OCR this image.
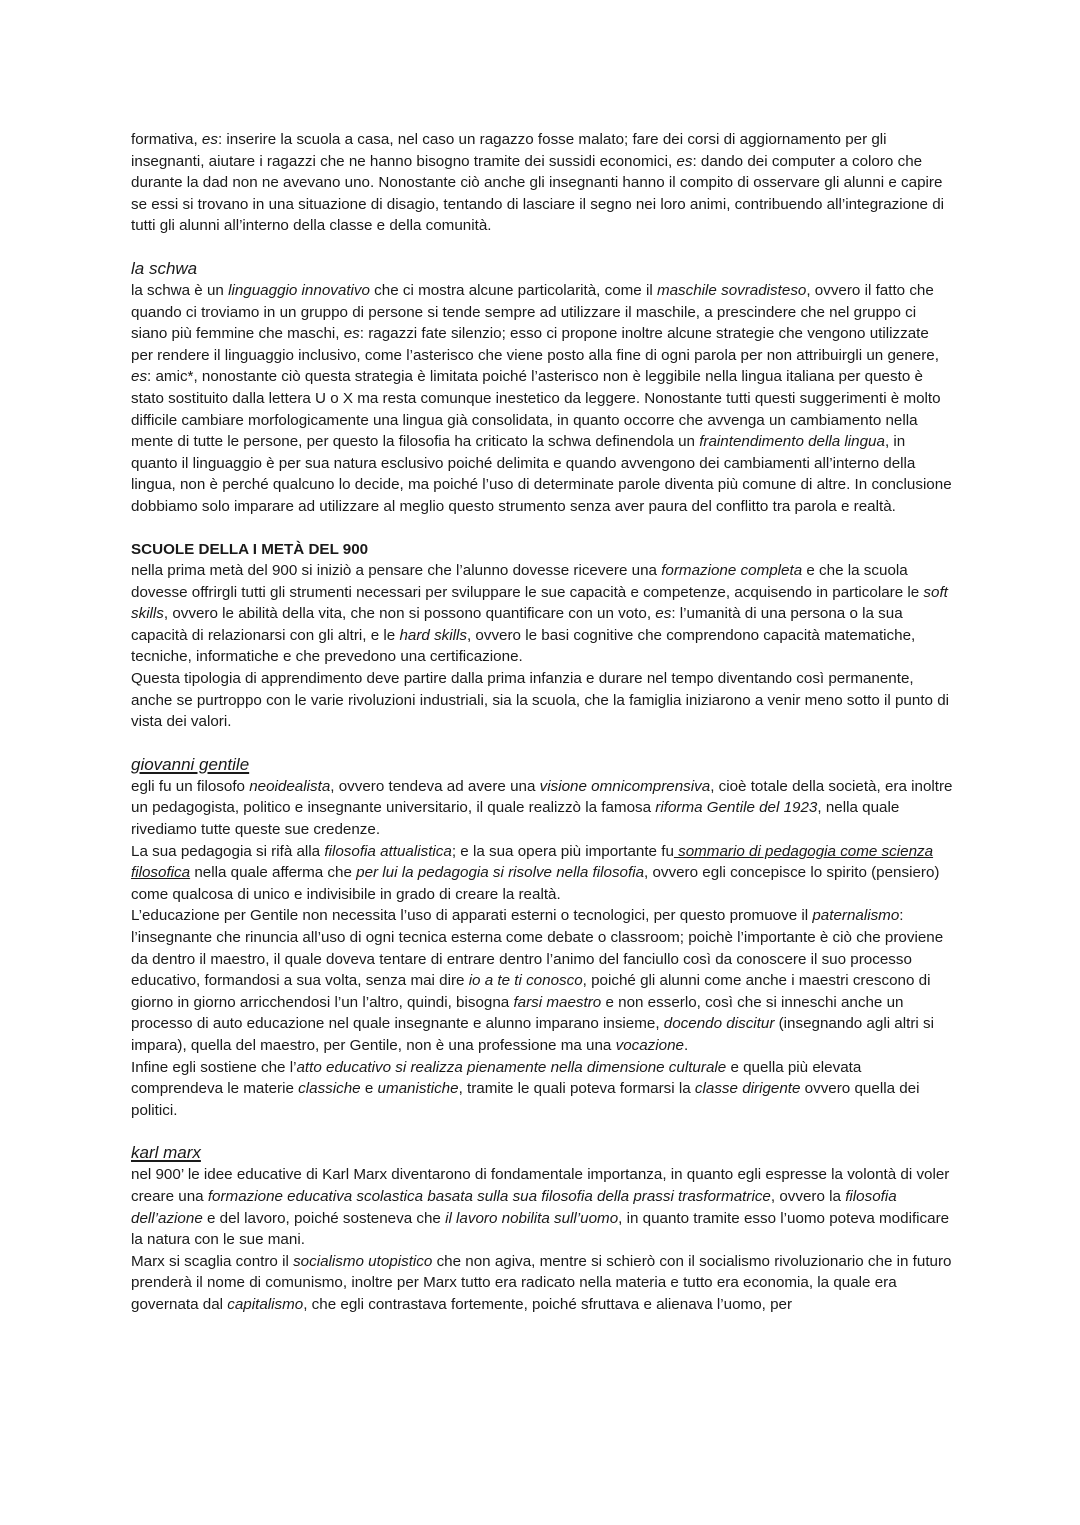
formativa, es: inserire la scuola a casa, nel caso un ragazzo fosse malato; fare dei corsi di aggiornamento per gli insegnanti, aiutare i ragazzi che ne hanno bisogno tramite dei sussidi economici, es: dando dei computer a coloro che durante la dad non ne avevano uno. Nonostante ciò anche gli insegnanti hanno il compito di osservare gli alunni e capire se essi si trovano in una situazione di disagio, tentando di lasciare il segno nei loro animi, contribuendo all’integrazione di tutti gli alunni all’interno della classe e della comunità.

la schwa

la schwa è un linguaggio innovativo che ci mostra alcune particolarità, come il maschile sovradisteso, ovvero il fatto che quando ci troviamo in un gruppo di persone si tende sempre ad utilizzare il maschile, a prescindere che nel gruppo ci siano più femmine che maschi, es: ragazzi fate silenzio; esso ci propone inoltre alcune strategie che vengono utilizzate per rendere il linguaggio inclusivo, come l’asterisco che viene posto alla fine di ogni parola per non attribuirgli un genere, es: amic*, nonostante ciò questa strategia è limitata poiché l’asterisco non è leggibile nella lingua italiana per questo è stato sostituito dalla lettera U o X ma resta comunque inestetico da leggere. Nonostante tutti questi suggerimenti è molto difficile cambiare morfologicamente una lingua già consolidata, in quanto occorre che avvenga un cambiamento nella mente di tutte le persone, per questo la filosofia ha criticato la schwa definendola un fraintendimento della lingua, in quanto il linguaggio è per sua natura esclusivo poiché delimita e quando avvengono dei cambiamenti all’interno della lingua, non è perché qualcuno lo decide, ma poiché l’uso di determinate parole diventa più comune di altre. In conclusione dobbiamo solo imparare ad utilizzare al meglio questo strumento senza aver paura del conflitto tra parola e realtà.

SCUOLE DELLA I METÀ DEL 900

nella prima metà del 900 si iniziò a pensare che l’alunno dovesse ricevere una formazione completa e che la scuola dovesse offrirgli tutti gli strumenti necessari per sviluppare le sue capacità e competenze, acquisendo in particolare le soft skills, ovvero le abilità della vita, che non si possono quantificare con un voto, es: l’umanità di una persona o la sua capacità di relazionarsi con gli altri, e le hard skills, ovvero le basi cognitive che comprendono capacità matematiche, tecniche, informatiche e che prevedono una certificazione.

Questa tipologia di apprendimento deve partire dalla prima infanzia e durare nel tempo diventando così permanente, anche se purtroppo con le varie rivoluzioni industriali, sia la scuola, che la famiglia iniziarono a venir meno sotto il punto di vista dei valori.

giovanni gentile

egli fu un filosofo neoidealista, ovvero tendeva ad avere una visione omnicomprensiva, cioè totale della società, era inoltre un pedagogista, politico e insegnante universitario, il quale realizzò la famosa riforma Gentile del 1923, nella quale rivediamo tutte queste sue credenze.

La sua pedagogia si rifà alla filosofia attualistica; e la sua opera più importante fu sommario di pedagogia come scienza filosofica nella quale afferma che per lui la pedagogia si risolve nella filosofia, ovvero egli concepisce lo spirito (pensiero) come qualcosa di unico e indivisibile in grado di creare la realtà.

L’educazione per Gentile non necessita l’uso di apparati esterni o tecnologici, per questo promuove il paternalismo: l’insegnante che rinuncia all’uso di ogni tecnica esterna come debate o classroom; poichè l’importante è ciò che proviene da dentro il maestro, il quale doveva tentare di entrare dentro l’animo del fanciullo così da conoscere il suo processo educativo, formandosi a sua volta, senza mai dire io a te ti conosco, poiché gli alunni come anche i maestri crescono di giorno in giorno arricchendosi l’un l’altro, quindi, bisogna farsi maestro e non esserlo, così che si inneschi anche un processo di auto educazione nel quale insegnante e alunno imparano insieme, docendo discitur (insegnando agli altri si impara), quella del maestro, per Gentile, non è una professione ma una vocazione.

Infine egli sostiene che l’atto educativo si realizza pienamente nella dimensione culturale e quella più elevata comprendeva le materie classiche e umanistiche, tramite le quali poteva formarsi la classe dirigente ovvero quella dei politici.

karl marx

nel 900’ le idee educative di Karl Marx diventarono di fondamentale importanza, in quanto egli espresse la volontà di voler creare una formazione educativa scolastica basata sulla sua filosofia della prassi trasformatrice, ovvero la filosofia dell’azione e del lavoro, poiché sosteneva che il lavoro nobilita sull’uomo, in quanto tramite esso l’uomo poteva modificare la natura con le sue mani.

Marx si scaglia contro il socialismo utopistico che non agiva, mentre si schierò con il socialismo rivoluzionario che in futuro prenderà il nome di comunismo, inoltre per Marx tutto era radicato nella materia e tutto era economia, la quale era governata dal capitalismo, che egli contrastava fortemente, poiché sfruttava e alienava l’uomo, per
